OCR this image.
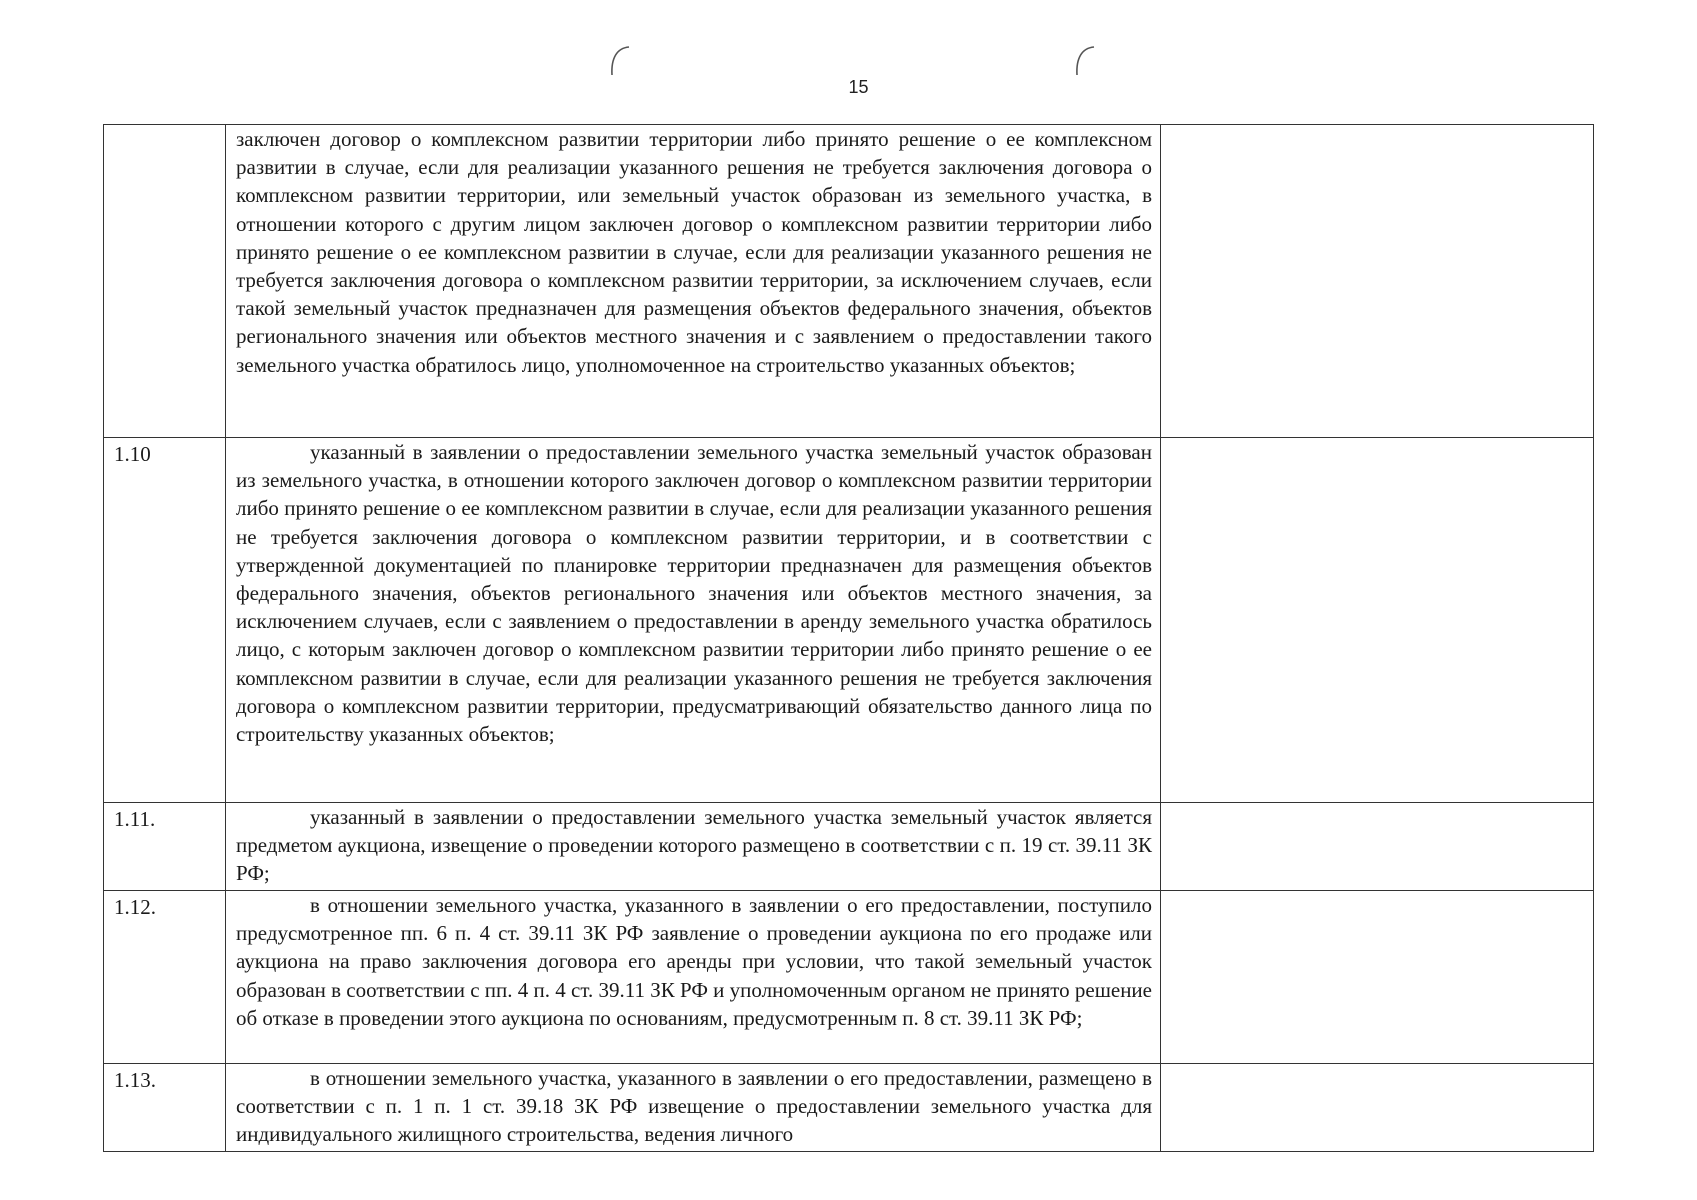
15

	заключен договор о комплексном развитии территории либо принято решение о ее комплексном развитии в случае, если для реализации указанного решения не требуется заключения договора о комплексном развитии территории, или земельный участок образован из земельного участка, в отношении которого с другим лицом заключен договор о комплексном развитии территории либо принято решение о ее комплексном развитии в случае, если для реализации указанного решения не требуется заключения договора о комплексном развитии территории, за исключением случаев, если такой земельный участок предназначен для размещения объектов федерального значения, объектов регионального значения или объектов местного значения и с заявлением о предоставлении такого земельного участка обратилось лицо, уполномоченное на строительство указанных объектов;	

1.10	указанный в заявлении о предоставлении земельного участка земельный участок образован из земельного участка, в отношении которого заключен договор о комплексном развитии территории либо принято решение о ее комплексном развитии в случае, если для реализации указанного решения не требуется заключения договора о комплексном развитии территории, и в соответствии с утвержденной документацией по планировке территории предназначен для размещения объектов федерального значения, объектов регионального значения или объектов местного значения, за исключением случаев, если с заявлением о предоставлении в аренду земельного участка обратилось лицо, с которым заключен договор о комплексном развитии территории либо принято решение о ее комплексном развитии в случае, если для реализации указанного решения не требуется заключения договора о комплексном развитии территории, предусматривающий обязательство данного лица по строительству указанных объектов;	

1.11.	указанный в заявлении о предоставлении земельного участка земельный участок является предметом аукциона, извещение о проведении которого размещено в соответствии с п. 19 ст. 39.11 ЗК РФ;	

1.12.	в отношении земельного участка, указанного в заявлении о его предоставлении, поступило предусмотренное пп. 6 п. 4 ст. 39.11 ЗК РФ заявление о проведении аукциона по его продаже или аукциона на право заключения договора его аренды при условии, что такой земельный участок образован в соответствии с пп. 4 п. 4 ст. 39.11 ЗК РФ и уполномоченным органом не принято решение об отказе в проведении этого аукциона по основаниям, предусмотренным п. 8 ст. 39.11 ЗК РФ;	

1.13.	в отношении земельного участка, указанного в заявлении о его предоставлении, размещено в соответствии с п. 1 п. 1 ст. 39.18 ЗК РФ извещение о предоставлении земельного участка для индивидуального жилищного строительства, ведения личного	
